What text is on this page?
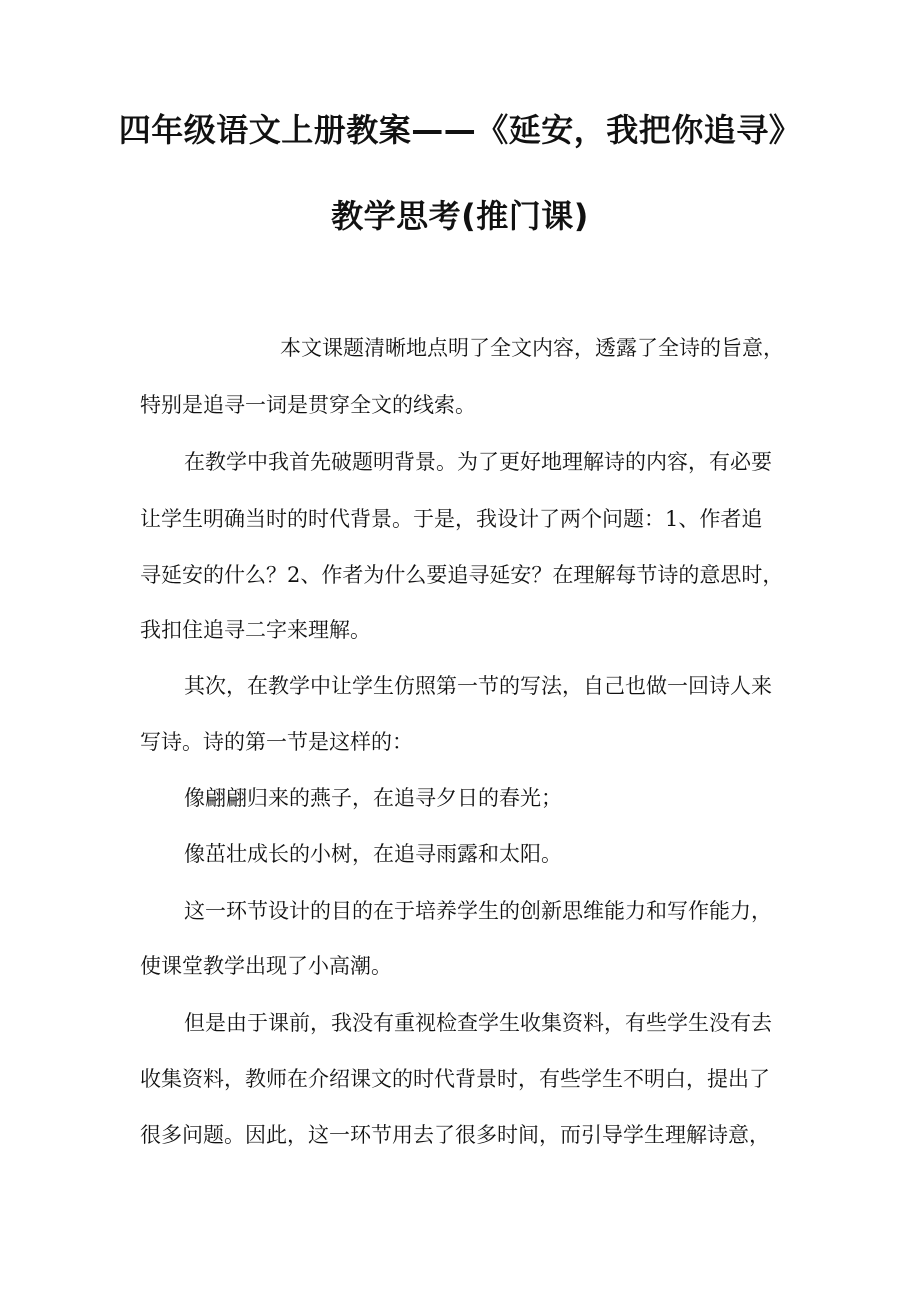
四年级语文上册教案——《延安，我把你追寻》
教学思考(推门课)
本文课题清晰地点明了全文内容，透露了全诗的旨意，
特别是追寻一词是贯穿全文的线索。
在教学中我首先破题明背景。为了更好地理解诗的内容，有必要
让学生明确当时的时代背景。于是，我设计了两个问题：1、作者追
寻延安的什么？2、作者为什么要追寻延安？在理解每节诗的意思时，
我扣住追寻二字来理解。
其次，在教学中让学生仿照第一节的写法，自己也做一回诗人来
写诗。诗的第一节是这样的：
像翩翩归来的燕子，在追寻夕日的春光；
像茁壮成长的小树，在追寻雨露和太阳。
这一环节设计的目的在于培养学生的创新思维能力和写作能力，
使课堂教学出现了小高潮。
但是由于课前，我没有重视检查学生收集资料，有些学生没有去
收集资料，教师在介绍课文的时代背景时，有些学生不明白，提出了
很多问题。因此，这一环节用去了很多时间，而引导学生理解诗意，
